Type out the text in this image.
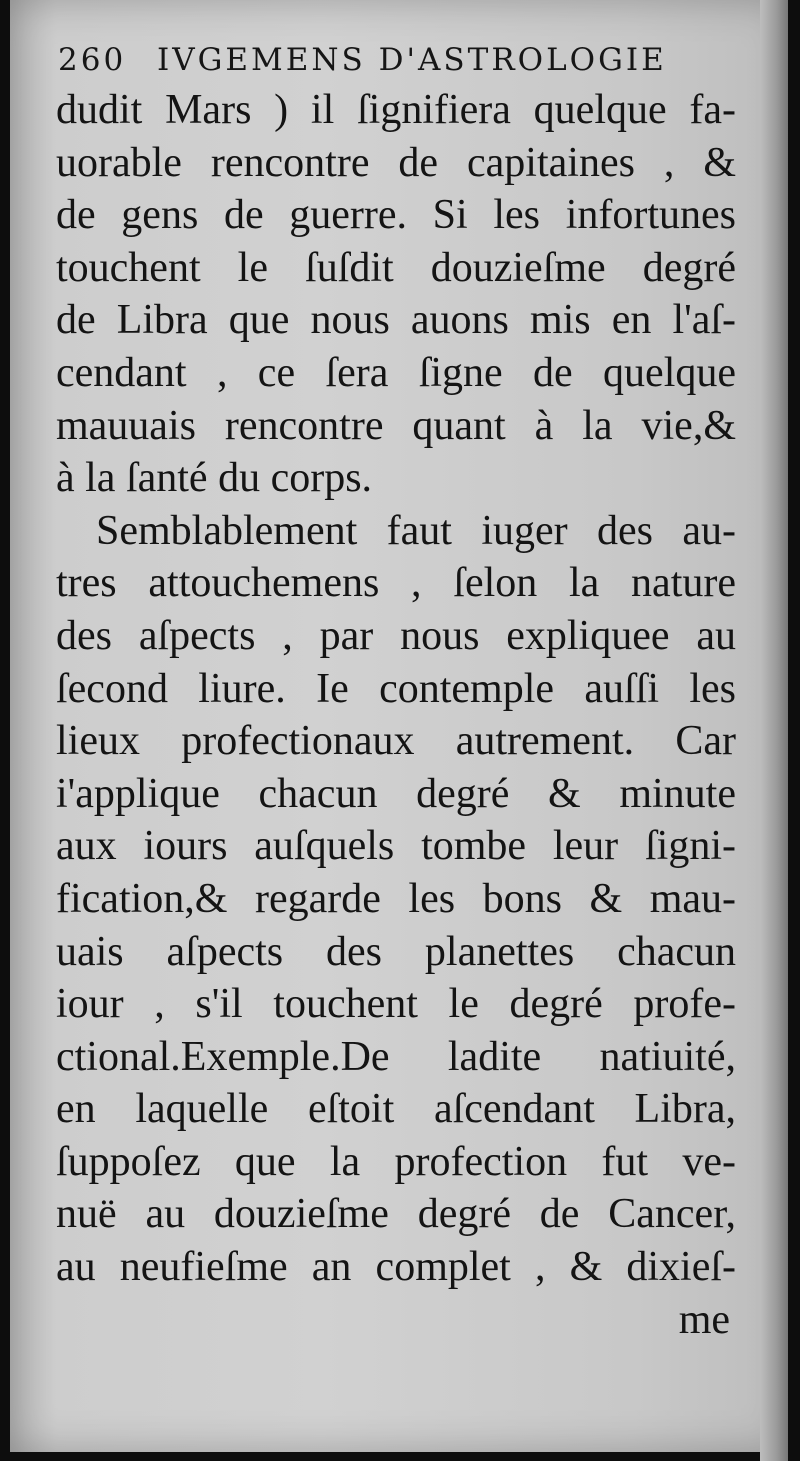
260 IVGEMENS D'ASTROLOGIE
dudit Mars ) il ſignifiera quelque fa-
uorable rencontre de capitaines , &
de gens de guerre. Si les infortunes
touchent le ſuſdit douzieſme degré
de Libra que nous auons mis en l'aſ-
cendant , ce ſera ſigne de quelque
mauuais rencontre quant à la vie,&
à la ſanté du corps.
Semblablement faut iuger des au-
tres attouchemens , ſelon la nature
des aſpects , par nous expliquee au
ſecond liure. Ie contemple auſſi les
lieux profectionaux autrement. Car
i'applique chacun degré & minute
aux iours auſquels tombe leur ſigni-
fication,& regarde les bons & mau-
uais aſpects des planettes chacun
iour , s'il touchent le degré profe-
ctional.Exemple.De ladite natiuité,
en laquelle eſtoit aſcendant Libra,
ſuppoſez que la profection fut ve-
nuë au douzieſme degré de Cancer,
au neufieſme an complet , & dixieſ-
me
